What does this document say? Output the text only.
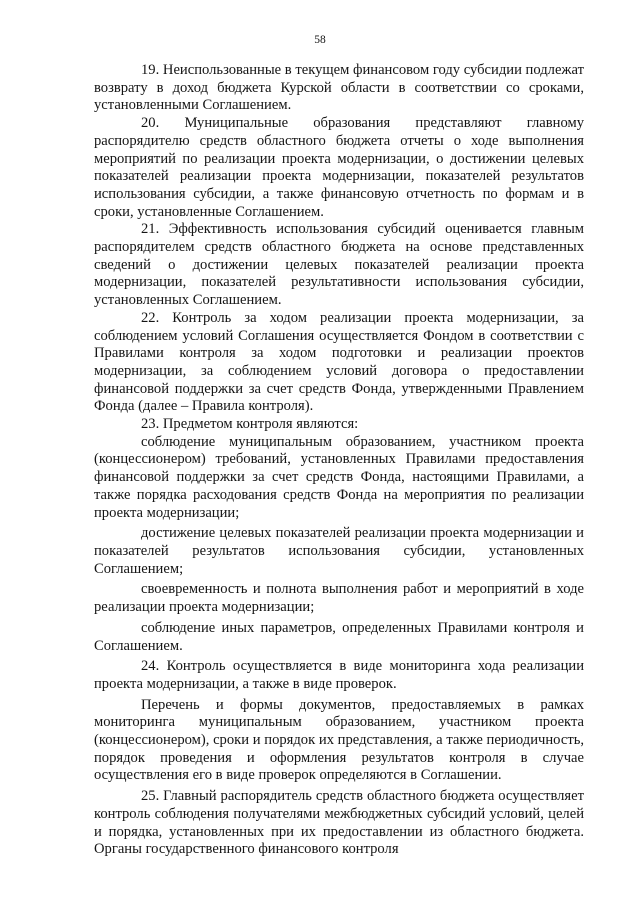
58

19. Неиспользованные в текущем финансовом году субсидии подлежат возврату в доход бюджета Курской области в соответствии со сроками, установленными Соглашением.

20. Муниципальные образования представляют главному распорядителю средств областного бюджета отчеты о ходе выполнения мероприятий по реализации проекта модернизации, о достижении целевых показателей реализации проекта модернизации, показателей результатов использования субсидии, а также финансовую отчетность по формам и в сроки, установленные Соглашением.

21. Эффективность использования субсидий оценивается главным распорядителем средств областного бюджета на основе представленных сведений о достижении целевых показателей реализации проекта модернизации, показателей результативности использования субсидии, установленных Соглашением.

22. Контроль за ходом реализации проекта модернизации, за соблюдением условий Соглашения осуществляется Фондом в соответствии с Правилами контроля за ходом подготовки и реализации проектов модернизации, за соблюдением условий договора о предоставлении финансовой поддержки за счет средств Фонда, утвержденными Правлением Фонда (далее – Правила контроля).

23. Предметом контроля являются:

соблюдение муниципальным образованием, участником проекта (концессионером) требований, установленных Правилами предоставления финансовой поддержки за счет средств Фонда, настоящими Правилами, а также порядка расходования средств Фонда на мероприятия по реализации проекта модернизации;

достижение целевых показателей реализации проекта модернизации и показателей результатов использования субсидии, установленных Соглашением;

своевременность и полнота выполнения работ и мероприятий в ходе реализации проекта модернизации;

соблюдение иных параметров, определенных Правилами контроля и Соглашением.

24. Контроль осуществляется в виде мониторинга хода реализации проекта модернизации, а также в виде проверок.

Перечень и формы документов, предоставляемых в рамках мониторинга муниципальным образованием, участником проекта (концессионером), сроки и порядок их представления, а также периодичность, порядок проведения и оформления результатов контроля в случае осуществления его в виде проверок определяются в Соглашении.

25. Главный распорядитель средств областного бюджета осуществляет контроль соблюдения получателями межбюджетных субсидий условий, целей и порядка, установленных при их предоставлении из областного бюджета. Органы государственного финансового контроля
